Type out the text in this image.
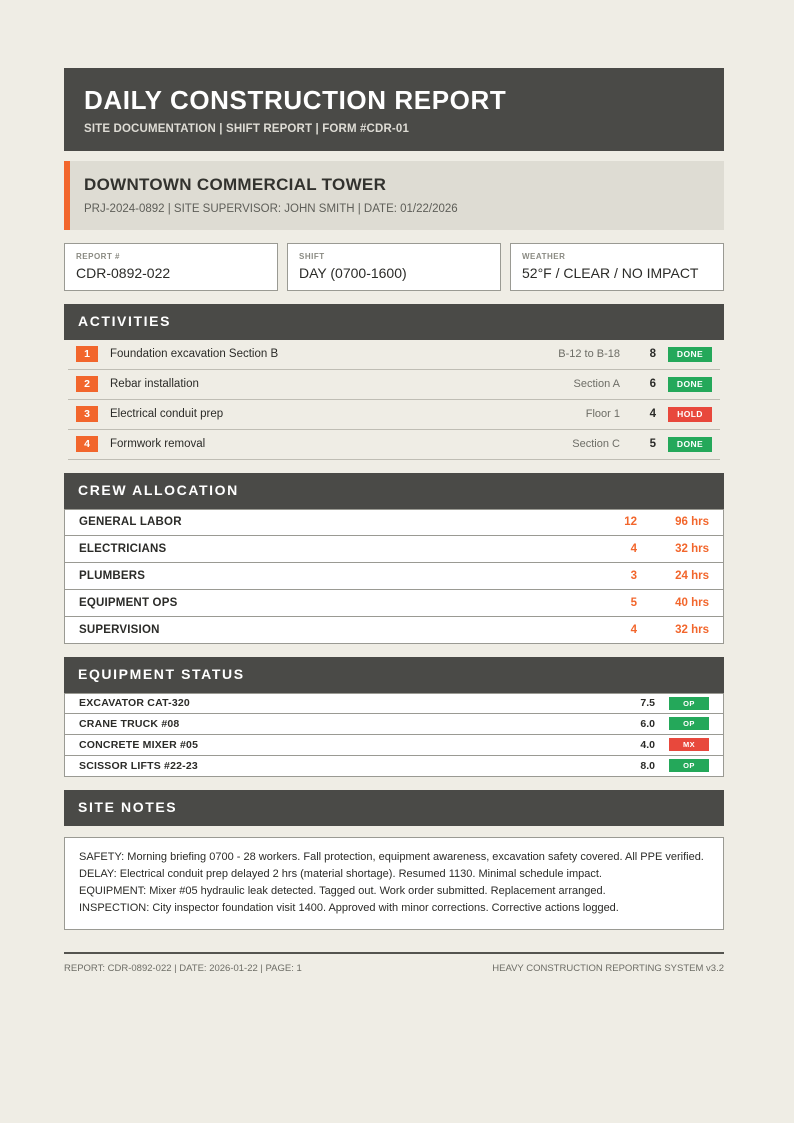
DAILY CONSTRUCTION REPORT
SITE DOCUMENTATION | SHIFT REPORT | FORM #CDR-01
DOWNTOWN COMMERCIAL TOWER
PRJ-2024-0892 | SITE SUPERVISOR: JOHN SMITH | DATE: 01/22/2026
REPORT #
CDR-0892-022
SHIFT
DAY (0700-1600)
WEATHER
52°F / CLEAR / NO IMPACT
ACTIVITIES
1	Foundation excavation Section B	B-12 to B-18	8	DONE
2	Rebar installation	Section A	6	DONE
3	Electrical conduit prep	Floor 1	4	HOLD
4	Formwork removal	Section C	5	DONE
CREW ALLOCATION
GENERAL LABOR	12	96 hrs
ELECTRICIANS	4	32 hrs
PLUMBERS	3	24 hrs
EQUIPMENT OPS	5	40 hrs
SUPERVISION	4	32 hrs
EQUIPMENT STATUS
EXCAVATOR CAT-320	7.5	OP
CRANE TRUCK #08	6.0	OP
CONCRETE MIXER #05	4.0	MX
SCISSOR LIFTS #22-23	8.0	OP
SITE NOTES

SAFETY: Morning briefing 0700 - 28 workers. Fall protection, equipment awareness, excavation safety covered. All PPE verified.

DELAY: Electrical conduit prep delayed 2 hrs (material shortage). Resumed 1130. Minimal schedule impact.

EQUIPMENT: Mixer #05 hydraulic leak detected. Tagged out. Work order submitted. Replacement arranged.

INSPECTION: City inspector foundation visit 1400. Approved with minor corrections. Corrective actions logged.

REPORT: CDR-0892-022 | DATE: 2026-01-22 | PAGE: 1	HEAVY CONSTRUCTION REPORTING SYSTEM v3.2
